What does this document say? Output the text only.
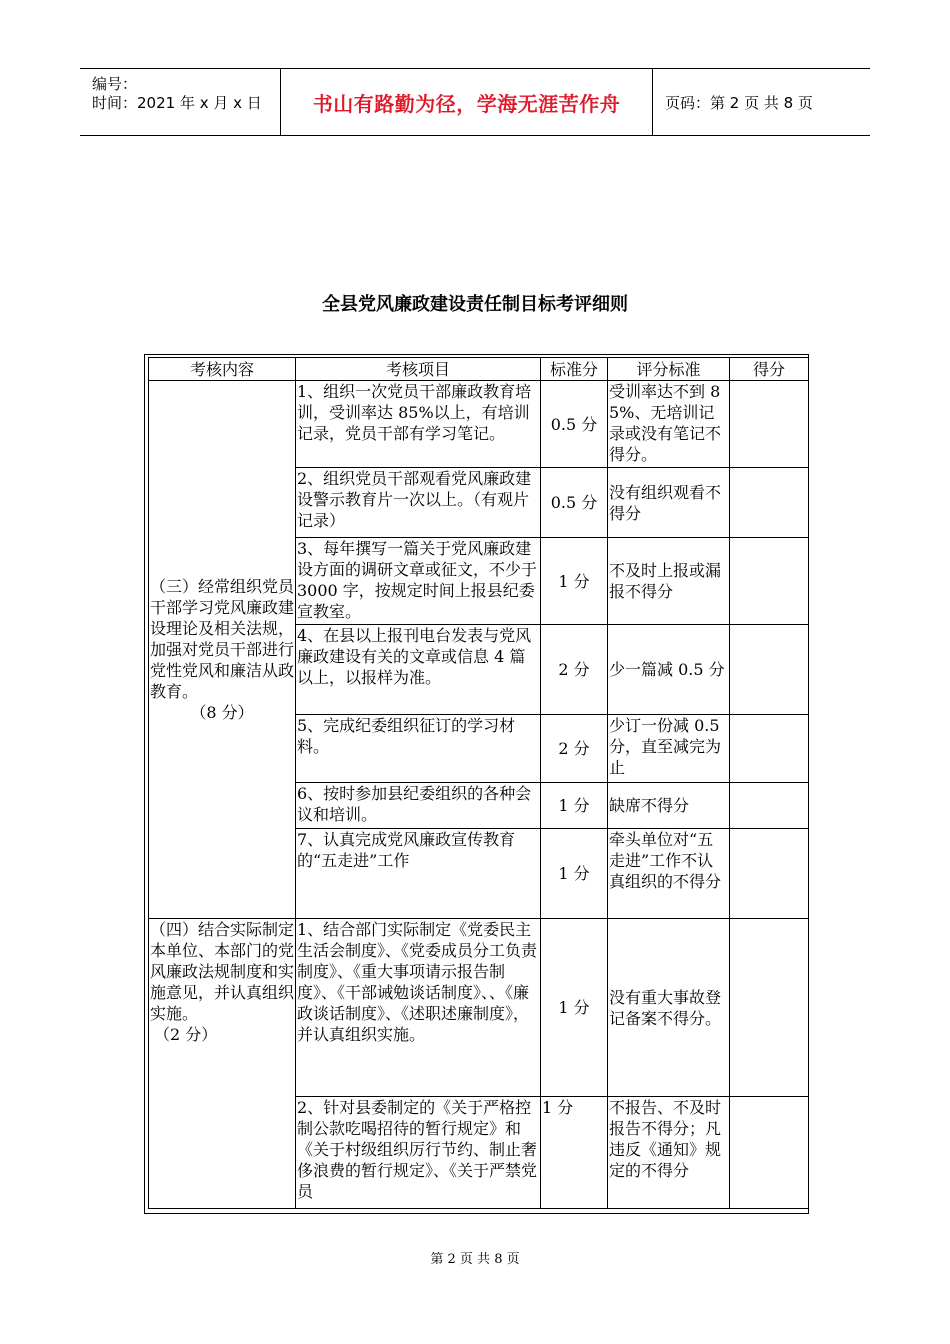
编号：
时间：2021 年 x 月 x 日	书山有路勤为径，学海无涯苦作舟	页码：第 2 页 共 8 页
全县党风廉政建设责任制目标考评细则
考核内容	考核项目	标准分	评分标准	得分

（三）经常组织党员干部学习党风廉政建设理论及相关法规，加强对党员干部进行党性党风和廉洁从政教育。
（8 分）	1、组织一次党员干部廉政教育培训，受训率达 85%以上，有培训记录，党员干部有学习笔记。	0.5 分	受训率达不到 85%、无培训记录或没有笔记不得分。	
	2、组织党员干部观看党风廉政建设警示教育片一次以上。（有观片记录）	0.5 分	没有组织观看不得分	
	3、每年撰写一篇关于党风廉政建设方面的调研文章或征文，不少于 3000 字，按规定时间上报县纪委宣教室。	1 分	不及时上报或漏报不得分	
	4、在县以上报刊电台发表与党风廉政建设有关的文章或信息 4 篇以上，以报样为准。	2 分	少一篇减 0.5 分	
	5、完成纪委组织征订的学习材料。	2 分	少订一份减 0.5 分，直至减完为止	
	6、按时参加县纪委组织的各种会议和培训。	1 分	缺席不得分	
	7、认真完成党风廉政宣传教育的“五走进”工作	1 分	牵头单位对“五走进”工作不认真组织的不得分	

（四）结合实际制定本单位、本部门的党风廉政法规制度和实施意见，并认真组织实施。
（2 分）	1、结合部门实际制定《党委民主生活会制度》、《党委成员分工负责制度》、《重大事项请示报告制度》、《干部诫勉谈话制度》、、《廉政谈话制度》、《述职述廉制度》，并认真组织实施。	1 分	没有重大事故登记备案不得分。	
	2、针对县委制定的《关于严格控制公款吃喝招待的暂行规定》和《关于村级组织厉行节约、制止奢侈浪费的暂行规定》、《关于严禁党员	1 分	不报告、不及时报告不得分；凡违反《通知》规定的不得分	
第 2 页 共 8 页
